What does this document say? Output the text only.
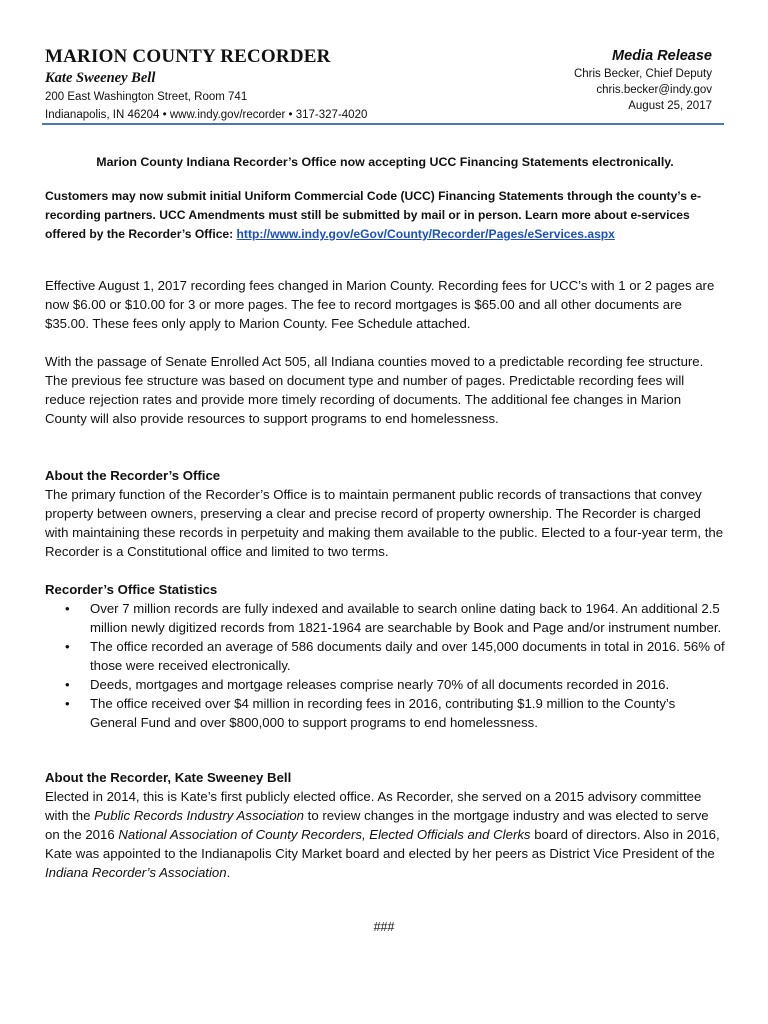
MARION COUNTY RECORDER
Kate Sweeney Bell
200 East Washington Street, Room 741
Indianapolis, IN 46204 • www.indy.gov/recorder • 317-327-4020
Media Release
Chris Becker, Chief Deputy
chris.becker@indy.gov
August 25, 2017
Marion County Indiana Recorder’s Office now accepting UCC Financing Statements electronically.
Customers may now submit initial Uniform Commercial Code (UCC) Financing Statements through the county’s e-recording partners. UCC Amendments must still be submitted by mail or in person. Learn more about e-services offered by the Recorder’s Office: http://www.indy.gov/eGov/County/Recorder/Pages/eServices.aspx

Effective August 1, 2017 recording fees changed in Marion County. Recording fees for UCC’s with 1 or 2 pages are now $6.00 or $10.00 for 3 or more pages. The fee to record mortgages is $65.00 and all other documents are $35.00. These fees only apply to Marion County. Fee Schedule attached.

With the passage of Senate Enrolled Act 505, all Indiana counties moved to a predictable recording fee structure. The previous fee structure was based on document type and number of pages. Predictable recording fees will reduce rejection rates and provide more timely recording of documents. The additional fee changes in Marion County will also provide resources to support programs to end homelessness.

About the Recorder’s Office

The primary function of the Recorder’s Office is to maintain permanent public records of transactions that convey property between owners, preserving a clear and precise record of property ownership. The Recorder is charged with maintaining these records in perpetuity and making them available to the public. Elected to a four-year term, the Recorder is a Constitutional office and limited to two terms.

Recorder’s Office Statistics
• Over 7 million records are fully indexed and available to search online dating back to 1964. An additional 2.5 million newly digitized records from 1821-1964 are searchable by Book and Page and/or instrument number.
• The office recorded an average of 586 documents daily and over 145,000 documents in total in 2016. 56% of those were received electronically.
• Deeds, mortgages and mortgage releases comprise nearly 70% of all documents recorded in 2016.
• The office received over $4 million in recording fees in 2016, contributing $1.9 million to the County’s General Fund and over $800,000 to support programs to end homelessness.
About the Recorder, Kate Sweeney Bell

Elected in 2014, this is Kate’s first publicly elected office. As Recorder, she served on a 2015 advisory committee with the Public Records Industry Association to review changes in the mortgage industry and was elected to serve on the 2016 National Association of County Recorders, Elected Officials and Clerks board of directors. Also in 2016, Kate was appointed to the Indianapolis City Market board and elected by her peers as District Vice President of the Indiana Recorder’s Association.

###
